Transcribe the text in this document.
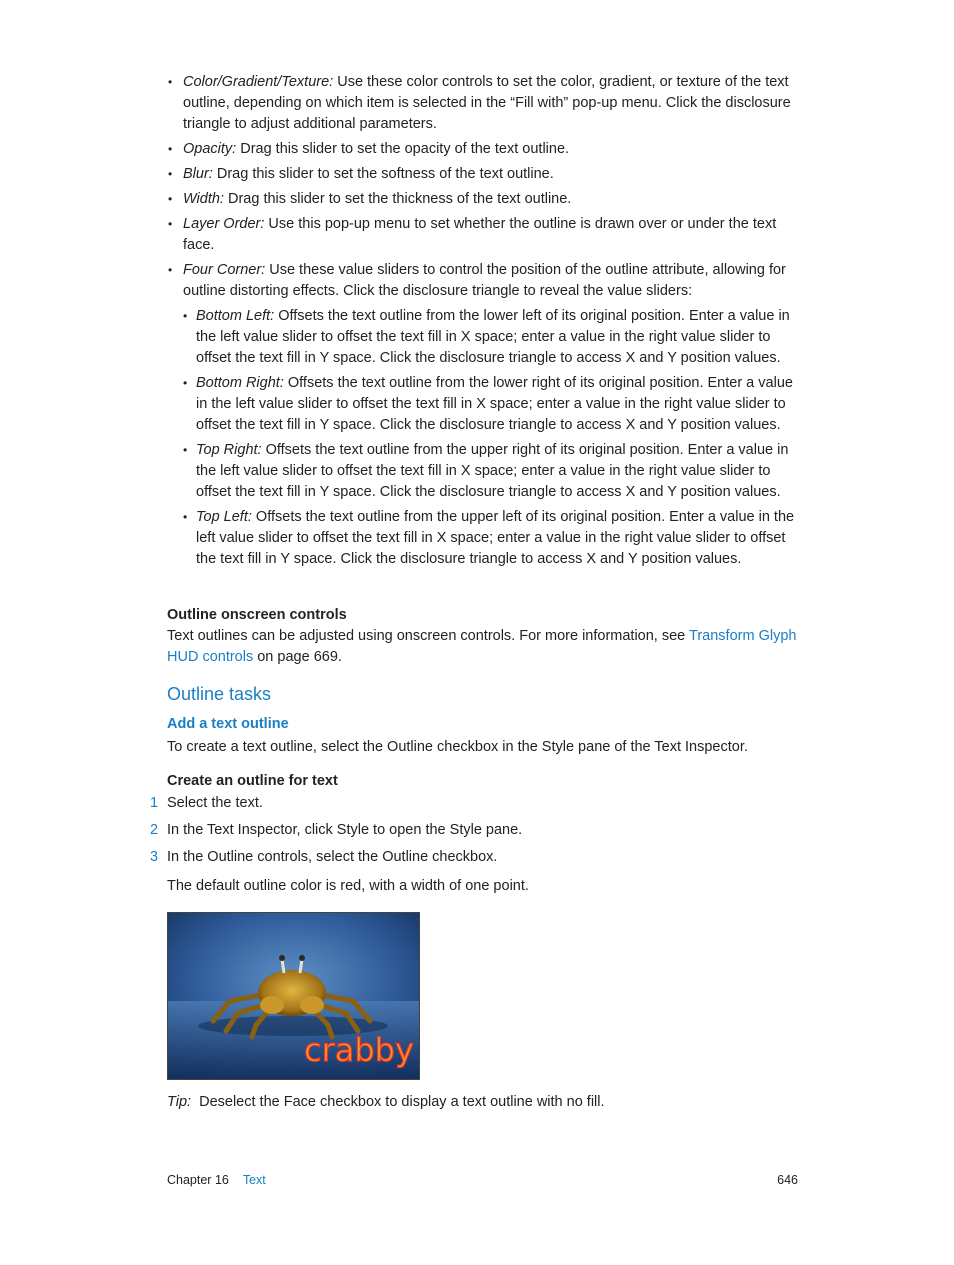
• Color/Gradient/Texture: Use these color controls to set the color, gradient, or texture of the text outline, depending on which item is selected in the “Fill with” pop-up menu. Click the disclosure triangle to adjust additional parameters.
• Opacity: Drag this slider to set the opacity of the text outline.
• Blur: Drag this slider to set the softness of the text outline.
• Width: Drag this slider to set the thickness of the text outline.
• Layer Order: Use this pop-up menu to set whether the outline is drawn over or under the text face.
• Four Corner: Use these value sliders to control the position of the outline attribute, allowing for outline distorting effects. Click the disclosure triangle to reveal the value sliders:
• Bottom Left: Offsets the text outline from the lower left of its original position. Enter a value in the left value slider to offset the text fill in X space; enter a value in the right value slider to offset the text fill in Y space. Click the disclosure triangle to access X and Y position values.
• Bottom Right: Offsets the text outline from the lower right of its original position. Enter a value in the left value slider to offset the text fill in X space; enter a value in the right value slider to offset the text fill in Y space. Click the disclosure triangle to access X and Y position values.
• Top Right: Offsets the text outline from the upper right of its original position. Enter a value in the left value slider to offset the text fill in X space; enter a value in the right value slider to offset the text fill in Y space. Click the disclosure triangle to access X and Y position values.
• Top Left: Offsets the text outline from the upper left of its original position. Enter a value in the left value slider to offset the text fill in X space; enter a value in the right value slider to offset the text fill in Y space. Click the disclosure triangle to access X and Y position values.
Outline onscreen controls
Text outlines can be adjusted using onscreen controls. For more information, see Transform Glyph HUD controls on page 669.
Outline tasks
Add a text outline
To create a text outline, select the Outline checkbox in the Style pane of the Text Inspector.
Create an outline for text
1 Select the text.
2 In the Text Inspector, click Style to open the Style pane.
3 In the Outline controls, select the Outline checkbox.
The default outline color is red, with a width of one point.
crabby
Tip: Deselect the Face checkbox to display a text outline with no fill.
Chapter 16 Text	646
